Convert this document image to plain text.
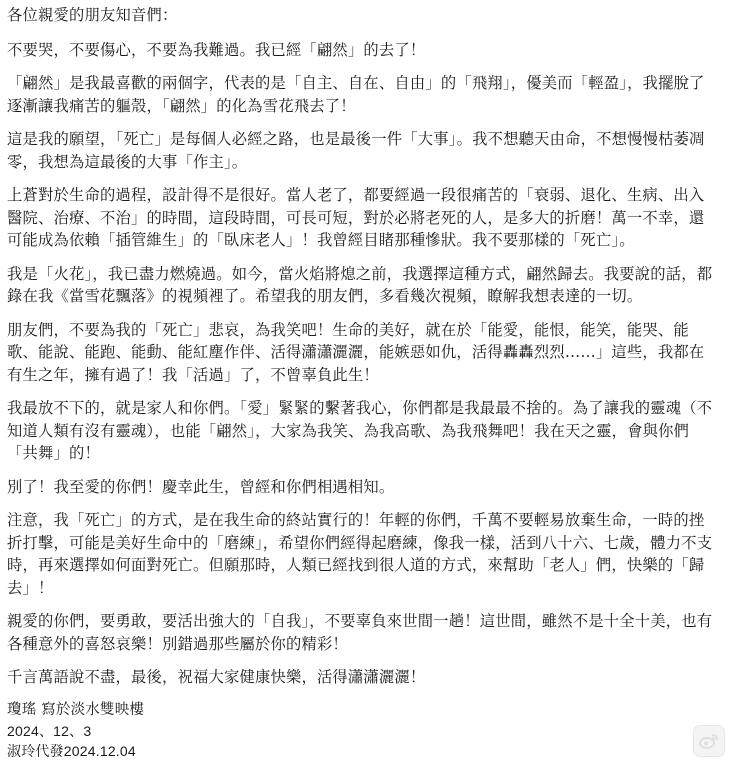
各位親愛的朋友知音們：

不要哭，不要傷心，不要為我難過。我已經「翩然」的去了！

「翩然」是我最喜歡的兩個字，代表的是「自主、自在、自由」的「飛翔」，優美而「輕盈」，我擺脫了逐漸讓我痛苦的軀殼，「翩然」的化為雪花飛去了！

這是我的願望，「死亡」是每個人必經之路，也是最後一件「大事」。我不想聽天由命，不想慢慢枯萎凋零，我想為這最後的大事「作主」。

上蒼對於生命的過程，設計得不是很好。當人老了，都要經過一段很痛苦的「衰弱、退化、生病、出入醫院、治療、不治」的時間，這段時間，可長可短，對於必將老死的人，是多大的折磨！萬一不幸，還可能成為依賴「插管維生」的「臥床老人」！我曾經目睹那種慘狀。我不要那樣的「死亡」。

我是「火花」，我已盡力燃燒過。如今，當火焰將熄之前，我選擇這種方式，翩然歸去。我要說的話，都錄在我《當雪花飄落》的視頻裡了。希望我的朋友們，多看幾次視頻，瞭解我想表達的一切。

朋友們，不要為我的「死亡」悲哀，為我笑吧！生命的美好，就在於「能愛，能恨，能笑，能哭、能歌、能說、能跑、能動、能紅塵作伴、活得瀟瀟灑灑，能嫉惡如仇，活得轟轟烈烈……」這些，我都在有生之年，擁有過了！我「活過」了，不曾辜負此生！

我最放不下的，就是家人和你們。「愛」緊緊的繫著我心，你們都是我最最不捨的。為了讓我的靈魂（不知道人類有沒有靈魂），也能「翩然」，大家為我笑、為我高歌、為我飛舞吧！我在天之靈，會與你們「共舞」的！

別了！我至愛的你們！慶幸此生，曾經和你們相遇相知。

注意，我「死亡」的方式，是在我生命的終站實行的！年輕的你們，千萬不要輕易放棄生命，一時的挫折打擊，可能是美好生命中的「磨練」，希望你們經得起磨練，像我一樣，活到八十六、七歲，體力不支時，再來選擇如何面對死亡。但願那時，人類已經找到很人道的方式，來幫助「老人」們，快樂的「歸去」！

親愛的你們，要勇敢，要活出強大的「自我」，不要辜負來世間一趟！這世間，雖然不是十全十美，也有各種意外的喜怒哀樂！別錯過那些屬於你的精彩！

千言萬語說不盡，最後，祝福大家健康快樂，活得瀟瀟灑灑！

瓊瑤 寫於淡水雙映樓

2024、12、3

淑玲代發2024.12.04
